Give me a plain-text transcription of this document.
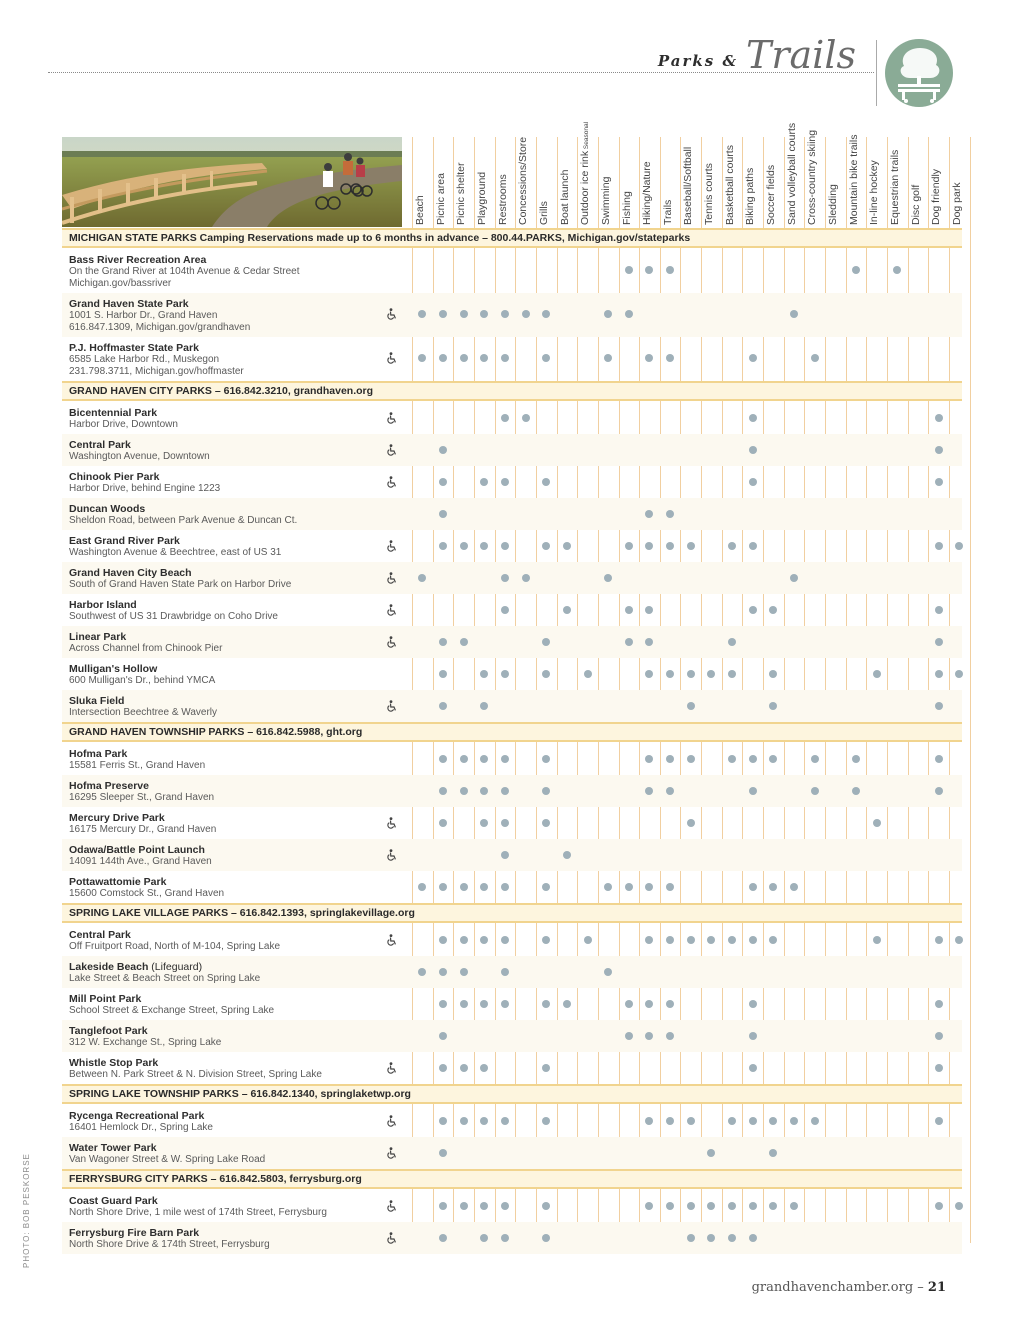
Parks & Trails
Beach Picnic area Picnic shelter Playground Restrooms Concessions/Store Grills Boat launch Outdoor ice rink Seasonal
Swimming Fishing Hiking/Nature Trails Baseball/Softball Tennis courts Basketball courts Biking paths Soccer fields Sand volleyball courts Cross-country skiing Sledding Mountain bike trails In-line hockey Equestrian trails Disc golf Dog friendly Dog park
MICHIGAN STATE PARKS Camping Reservations made up to 6 months in advance – 800.44.PARKS, Michigan.gov/stateparks
Bass River Recreation Area
On the Grand River at 104th Avenue & Cedar Street
Michigan.gov/bassriver
Grand Haven State Park
1001 S. Harbor Dr., Grand Haven
616.847.1309, Michigan.gov/grandhaven
P.J. Hoffmaster State Park
6585 Lake Harbor Rd., Muskegon
231.798.3711, Michigan.gov/hoffmaster
GRAND HAVEN CITY PARKS – 616.842.3210, grandhaven.org
Bicentennial Park
Harbor Drive, Downtown
Central Park
Washington Avenue, Downtown
Chinook Pier Park
Harbor Drive, behind Engine 1223
Duncan Woods
Sheldon Road, between Park Avenue & Duncan Ct.
East Grand River Park
Washington Avenue & Beechtree, east of US 31
Grand Haven City Beach
South of Grand Haven State Park on Harbor Drive
Harbor Island
Southwest of US 31 Drawbridge on Coho Drive
Linear Park
Across Channel from Chinook Pier
Mulligan's Hollow
600 Mulligan's Dr., behind YMCA
Sluka Field
Intersection Beechtree & Waverly
GRAND HAVEN TOWNSHIP PARKS – 616.842.5988, ght.org
Hofma Park
15581 Ferris St., Grand Haven
Hofma Preserve
16295 Sleeper St., Grand Haven
Mercury Drive Park
16175 Mercury Dr., Grand Haven
Odawa/Battle Point Launch
14091 144th Ave., Grand Haven
Pottawattomie Park
15600 Comstock St., Grand Haven
SPRING LAKE VILLAGE PARKS – 616.842.1393, springlakevillage.org
Central Park
Off Fruitport Road, North of M-104, Spring Lake
Lakeside Beach (Lifeguard)
Lake Street & Beach Street on Spring Lake
Mill Point Park
School Street & Exchange Street, Spring Lake
Tanglefoot Park
312 W. Exchange St., Spring Lake
Whistle Stop Park
Between N. Park Street & N. Division Street, Spring Lake
SPRING LAKE TOWNSHIP PARKS – 616.842.1340, springlaketwp.org
Rycenga Recreational Park
16401 Hemlock Dr., Spring Lake
Water Tower Park
Van Wagoner Street & W. Spring Lake Road
FERRYSBURG CITY PARKS – 616.842.5803, ferrysburg.org
Coast Guard Park
North Shore Drive, 1 mile west of 174th Street, Ferrysburg
Ferrysburg Fire Barn Park
North Shore Drive & 174th Street, Ferrysburg
PHOTO: BOB PESKORSE
grandhavenchamber.org – 21
